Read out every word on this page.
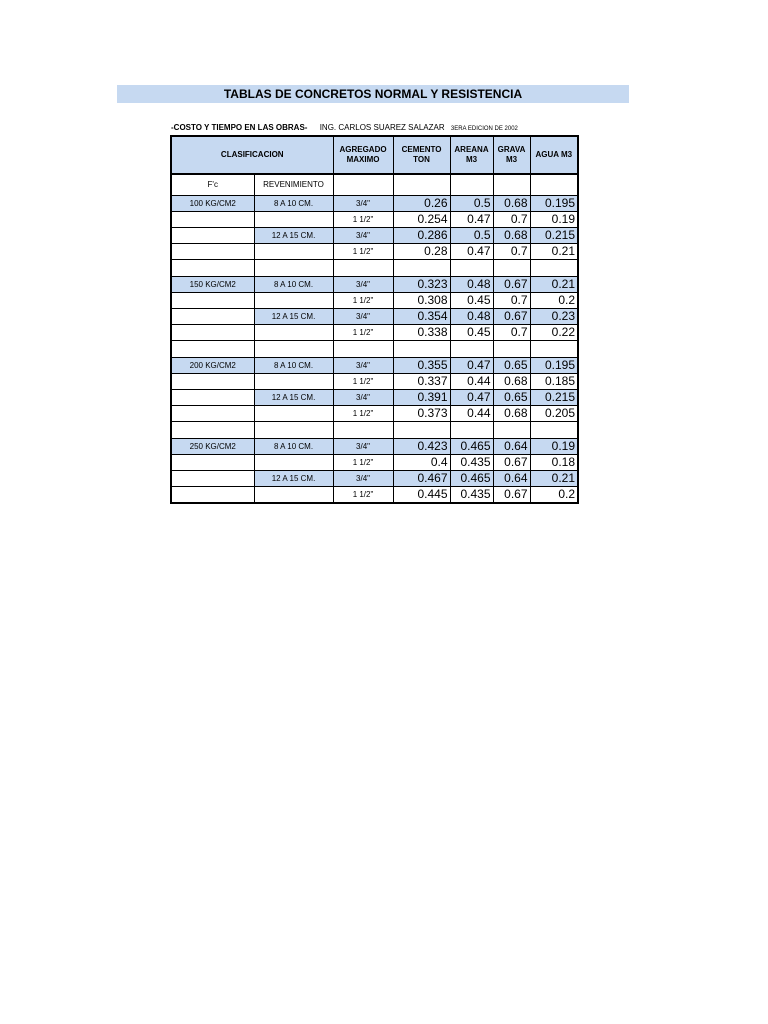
TABLAS DE CONCRETOS NORMAL Y RESISTENCIA
-COSTO Y TIEMPO EN LAS OBRAS- ING. CARLOS SUAREZ SALAZAR 3ERA EDICION DE 2002
CLASIFICACION		AGREGADO MAXIMO	CEMENTO TON	AREANA M3	GRAVA M3	AGUA M3
F'c	REVENIMIENTO					
100 KG/CM2	8 A 10 CM.	3/4"	0.26	0.5	0.68	0.195
		1 1/2"	0.254	0.47	0.7	0.19
	12 A 15 CM.	3/4"	0.286	0.5	0.68	0.215
		1 1/2"	0.28	0.47	0.7	0.21

150 KG/CM2	8 A 10 CM.	3/4"	0.323	0.48	0.67	0.21
		1 1/2"	0.308	0.45	0.7	0.2
	12 A 15 CM.	3/4"	0.354	0.48	0.67	0.23
		1 1/2"	0.338	0.45	0.7	0.22

200 KG/CM2	8 A 10 CM.	3/4"	0.355	0.47	0.65	0.195
		1 1/2"	0.337	0.44	0.68	0.185
	12 A 15 CM.	3/4"	0.391	0.47	0.65	0.215
		1 1/2"	0.373	0.44	0.68	0.205

250 KG/CM2	8 A 10 CM.	3/4"	0.423	0.465	0.64	0.19
		1 1/2"	0.4	0.435	0.67	0.18
	12 A 15 CM.	3/4"	0.467	0.465	0.64	0.21
		1 1/2"	0.445	0.435	0.67	0.2
